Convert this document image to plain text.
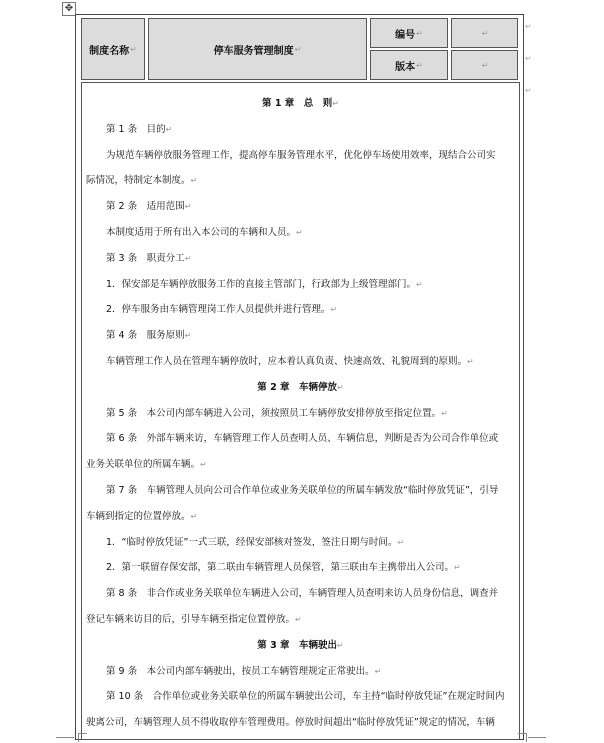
✥
制度名称 ↵	停车服务管理制度 ↵
编号 ↵	↵
版本 ↵	↵
↵
↵
↵
第 1 章　总　则↵
第 1 条　目的↵
为规范车辆停放服务管理工作，提高停车服务管理水平，优化停车场使用效率，现结合公司实
际情况，特制定本制度。↵
第 2 条　适用范围↵
本制度适用于所有出入本公司的车辆和人员。↵
第 3 条　职责分工↵
1．保安部是车辆停放服务工作的直接主管部门，行政部为上级管理部门。↵
2．停车服务由车辆管理岗工作人员提供并进行管理。↵
第 4 条　服务原则↵
车辆管理工作人员在管理车辆停放时，应本着认真负责、快速高效、礼貌周到的原则。↵
第 2 章　车辆停放↵
第 5 条　本公司内部车辆进入公司，须按照员工车辆停放安排停放至指定位置。↵
第 6 条　外部车辆来访，车辆管理工作人员查明人员、车辆信息，判断是否为公司合作单位或
业务关联单位的所属车辆。↵
第 7 条　车辆管理人员向公司合作单位或业务关联单位的所属车辆发放“临时停放凭证”，引导
车辆到指定的位置停放。↵
1．“临时停放凭证”一式三联，经保安部核对签发，签注日期与时间。↵
2．第一联留存保安部，第二联由车辆管理人员保管，第三联由车主携带出入公司。↵
第 8 条　非合作或业务关联单位车辆进入公司，车辆管理人员查明来访人员身份信息，调查并
登记车辆来访目的后，引导车辆至指定位置停放。↵
第 3 章　车辆驶出↵
第 9 条　本公司内部车辆驶出，按员工车辆管理规定正常驶出。↵
第 10 条　合作单位或业务关联单位的所属车辆驶出公司，车主持“临时停放凭证”在规定时间内
驶离公司，车辆管理人员不得收取停车管理费用。停放时间超出“临时停放凭证”规定的情况，车辆
